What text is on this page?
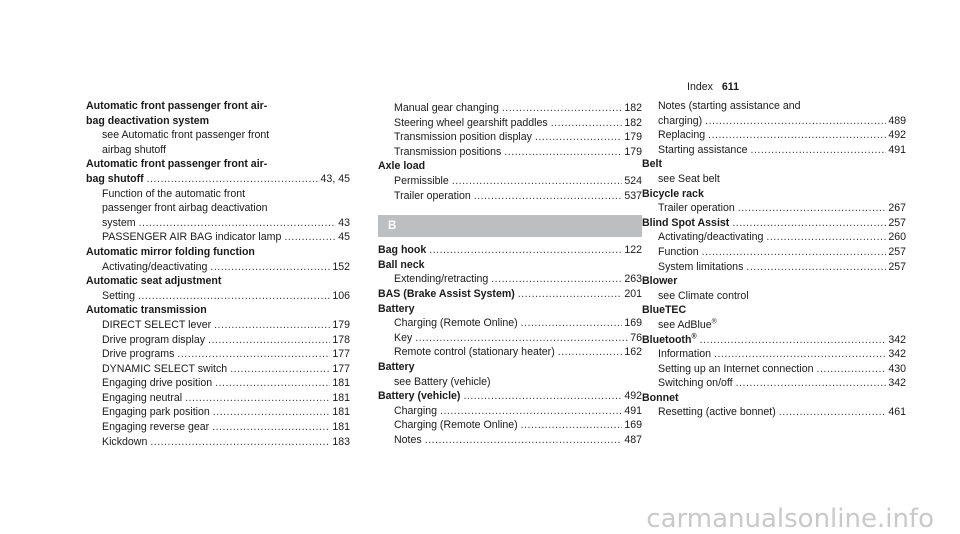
Index 611
Automatic front passenger front air-
bag deactivation system
see Automatic front passenger front
airbag shutoff
Automatic front passenger front air-
bag shutoff .....	43, 45
Function of the automatic front
passenger front airbag deactivation
system .....	43
PASSENGER AIR BAG indicator lamp .....	45
Automatic mirror folding function
Activating/deactivating .....	152
Automatic seat adjustment
Setting .....	106
Automatic transmission
DIRECT SELECT lever .....	179
Drive program display .....	178
Drive programs .....	177
DYNAMIC SELECT switch .....	177
Engaging drive position .....	181
Engaging neutral .....	181
Engaging park position .....	181
Engaging reverse gear .....	181
Kickdown .....	183
Manual gear changing .....	182
Steering wheel gearshift paddles .....	182
Transmission position display .....	179
Transmission positions .....	179
Axle load
Permissible .....	524
Trailer operation .....	537
B
Bag hook .....	122
Ball neck
Extending/retracting .....	263
BAS (Brake Assist System) .....	201
Battery
Charging (Remote Online) .....	169
Key .....	76
Remote control (stationary heater) .....	162
Battery
see Battery (vehicle)
Battery (vehicle) .....	492
Charging .....	491
Charging (Remote Online) .....	169
Notes .....	487
Notes (starting assistance and
charging) .....	489
Replacing .....	492
Starting assistance .....	491
Belt
see Seat belt
Bicycle rack
Trailer operation .....	267
Blind Spot Assist .....	257
Activating/deactivating .....	260
Function .....	257
System limitations .....	257
Blower
see Climate control
BlueTEC
see AdBlue®
Bluetooth® .....	342
Information .....	342
Setting up an Internet connection .....	430
Switching on/off .....	342
Bonnet
Resetting (active bonnet) .....	461
carmanualsonline.info
